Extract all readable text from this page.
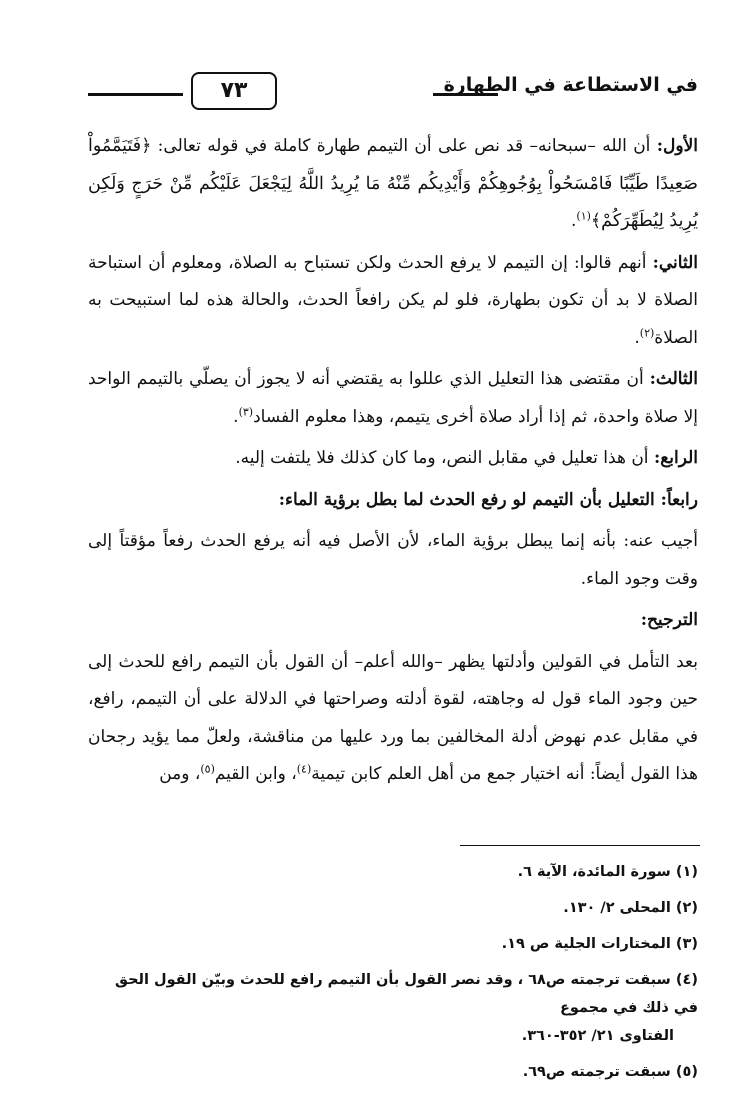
في الاستطاعة في الطهارة
٧٣

الأول: أن الله –سبحانه– قد نص على أن التيمم طهارة كاملة في قوله تعالى: ﴿فَتَيَمَّمُواْ صَعِيدًا طَيِّبًا فَامْسَحُواْ بِوُجُوهِكُمْ وَأَيْدِيكُم مِّنْهُ مَا يُرِيدُ اللَّهُ لِيَجْعَلَ عَلَيْكُم مِّنْ حَرَجٍ وَلَكِن يُرِيدُ لِيُطَهِّرَكُمْ﴾$^{(١)}$.

الثاني: أنهم قالوا: إن التيمم لا يرفع الحدث ولكن تستباح به الصلاة، ومعلوم أن استباحة الصلاة لا بد أن تكون بطهارة، فلو لم يكن رافعاً الحدث، والحالة هذه لما استبيحت به الصلاة$^{(٢)}$.

الثالث: أن مقتضى هذا التعليل الذي عللوا به يقتضي أنه لا يجوز أن يصلّي بالتيمم الواحد إلا صلاة واحدة، ثم إذا أراد صلاة أخرى يتيمم، وهذا معلوم الفساد$^{(٣)}$.

الرابع: أن هذا تعليل في مقابل النص، وما كان كذلك فلا يلتفت إليه.

رابعاً: التعليل بأن التيمم لو رفع الحدث لما بطل برؤية الماء:

أجيب عنه: بأنه إنما يبطل برؤية الماء، لأن الأصل فيه أنه يرفع الحدث رفعاً مؤقتاً إلى وقت وجود الماء.

الترجيح:

بعد التأمل في القولين وأدلتها يظهر –والله أعلم– أن القول بأن التيمم رافع للحدث إلى حين وجود الماء قول له وجاهته، لقوة أدلته وصراحتها في الدلالة على أن التيمم، رافع، في مقابل عدم نهوض أدلة المخالفين بما ورد عليها من مناقشة، ولعلّ مما يؤيد رجحان هذا القول أيضاً: أنه اختيار جمع من أهل العلم كابن تيمية$^{(٤)}$، وابن القيم$^{(٥)}$، ومن

(١) سورة المائدة، الآية ٦.
(٢) المحلى ٢/ ١٣٠.
(٣) المختارات الجلية ص ١٩.
(٤) سبقت ترجمته ص٦٨ ، وقد نصر القول بأن التيمم رافع للحدث وبيّن القول الحق في ذلك في مجموع
الفتاوى ٢١/ ٣٥٢-٣٦٠.
(٥) سبقت ترجمته ص٦٩.
